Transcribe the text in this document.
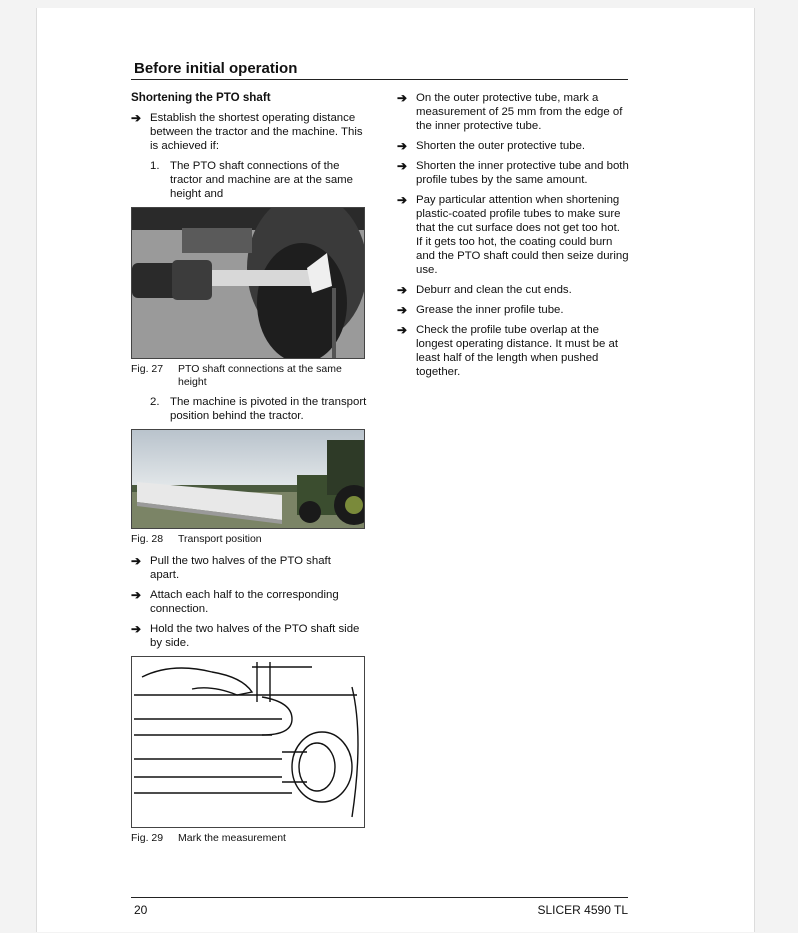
Before initial operation
Shortening the PTO shaft
➔ Establish the shortest operating distance between the tractor and the machine. This is achieved if:
1. The PTO shaft connections of the tractor and machine are at the same height and
Fig. 27 PTO shaft connections at the same height
2. The machine is pivoted in the transport position behind the tractor.
Fig. 28 Transport position
➔ Pull the two halves of the PTO shaft apart.
➔ Attach each half to the corresponding connection.
➔ Hold the two halves of the PTO shaft side by side.
Fig. 29 Mark the measurement
➔ On the outer protective tube, mark a measurement of 25 mm from the edge of the inner protective tube.
➔ Shorten the outer protective tube.
➔ Shorten the inner protective tube and both profile tubes by the same amount.
➔ Pay particular attention when shortening plastic-coated profile tubes to make sure that the cut surface does not get too hot. If it gets too hot, the coating could burn and the PTO shaft could then seize during use.
➔ Deburr and clean the cut ends.
➔ Grease the inner profile tube.
➔ Check the profile tube overlap at the longest operating distance. It must be at least half of the length when pushed together.
20	SLICER 4590 TL
